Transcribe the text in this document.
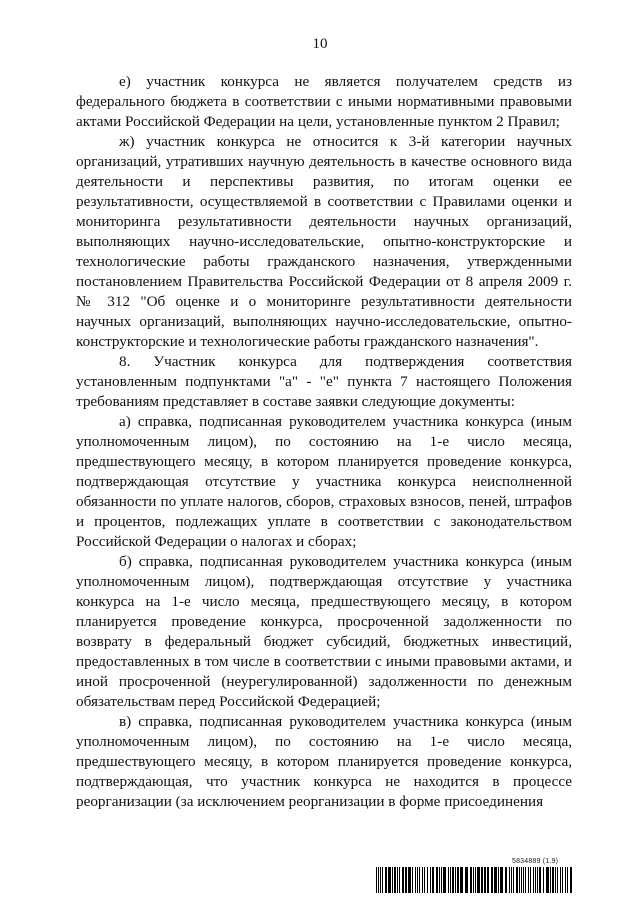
10

е) участник конкурса не является получателем средств из федерального бюджета в соответствии с иными нормативными правовыми актами Российской Федерации на цели, установленные пунктом 2 Правил;

ж) участник конкурса не относится к 3-й категории научных организаций, утративших научную деятельность в качестве основного вида деятельности и перспективы развития, по итогам оценки ее результативности, осуществляемой в соответствии с Правилами оценки и мониторинга результативности деятельности научных организаций, выполняющих научно-исследовательские, опытно-конструкторские и технологические работы гражданского назначения, утвержденными постановлением Правительства Российской Федерации от 8 апреля 2009 г. № 312 "Об оценке и о мониторинге результативности деятельности научных организаций, выполняющих научно-исследовательские, опытно-конструкторские и технологические работы гражданского назначения".

8. Участник конкурса для подтверждения соответствия установленным подпунктами "а" - "е" пункта 7 настоящего Положения требованиям представляет в составе заявки следующие документы:

а) справка, подписанная руководителем участника конкурса (иным уполномоченным лицом), по состоянию на 1-е число месяца, предшествующего месяцу, в котором планируется проведение конкурса, подтверждающая отсутствие у участника конкурса неисполненной обязанности по уплате налогов, сборов, страховых взносов, пеней, штрафов и процентов, подлежащих уплате в соответствии с законодательством Российской Федерации о налогах и сборах;

б) справка, подписанная руководителем участника конкурса (иным уполномоченным лицом), подтверждающая отсутствие у участника конкурса на 1-е число месяца, предшествующего месяцу, в котором планируется проведение конкурса, просроченной задолженности по возврату в федеральный бюджет субсидий, бюджетных инвестиций, предоставленных в том числе в соответствии с иными правовыми актами, и иной просроченной (неурегулированной) задолженности по денежным обязательствам перед Российской Федерацией;

в) справка, подписанная руководителем участника конкурса (иным уполномоченным лицом), по состоянию на 1-е число месяца, предшествующего месяцу, в котором планируется проведение конкурса, подтверждающая, что участник конкурса не находится в процессе реорганизации (за исключением реорганизации в форме присоединения

5834889 (1.9)
